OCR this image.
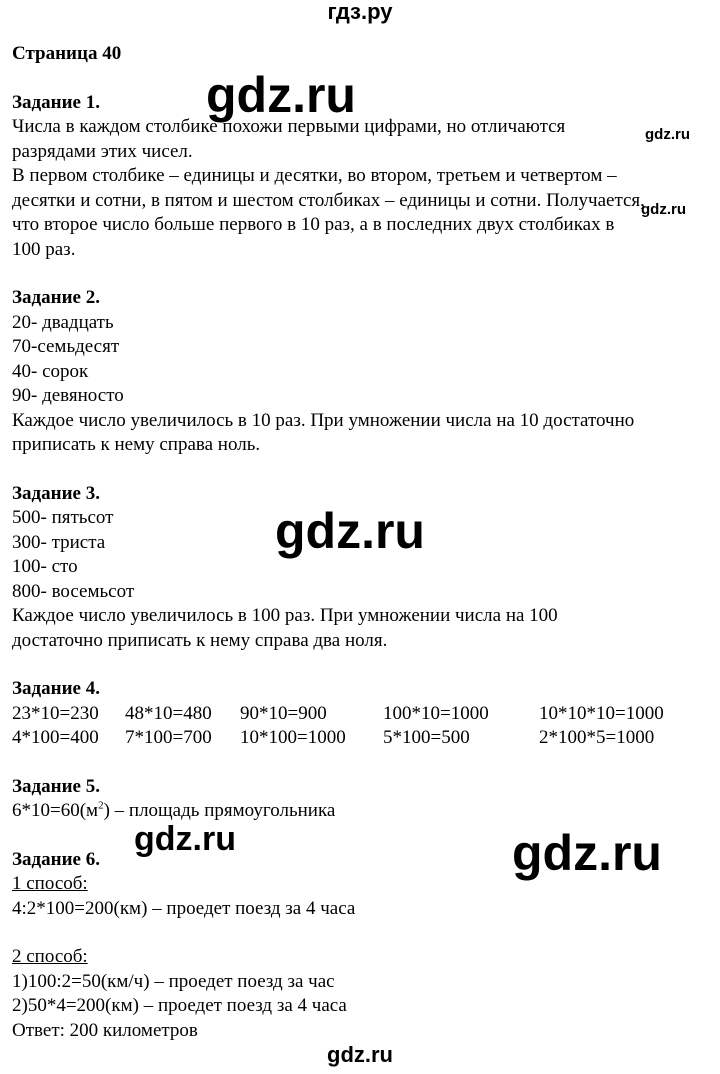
гдз.ру
Страница 40
Задание 1.
Числа в каждом столбике похожи первыми цифрами, но отличаются
разрядами этих чисел.
В первом столбике – единицы и десятки, во втором, третьем и четвертом –
десятки и сотни, в пятом и шестом столбиках – единицы и сотни. Получается,
что второе число больше первого в 10 раз, а в последних двух столбиках в
100 раз.
Задание 2.
20- двадцать
70-семьдесят
40- сорок
90- девяносто
Каждое число увеличилось в 10 раз. При умножении числа на 10 достаточно
приписать к нему справа ноль.
Задание 3.
500- пятьсот
300- триста
100- сто
800- восемьсот
Каждое число увеличилось в 100 раз. При умножении числа на 100
достаточно приписать к нему справа два ноля.
Задание 4.
23*10=230	48*10=480	90*10=900	100*10=1000	10*10*10=1000
4*100=400	7*100=700	10*100=1000	5*100=500	2*100*5=1000
Задание 5.
$6*10=60(м^2)$ – площадь прямоугольника
Задание 6.
1 способ:
4:2*100=200(км) – проедет поезд за 4 часа
2 способ:
1)100:2=50(км/ч) – проедет поезд за час
2)50*4=200(км) – проедет поезд за 4 часа
Ответ: 200 километров
gdz.ru
gdz.ru
gdz.ru
gdz.ru
gdz.ru
gdz.ru
gdz.ru
